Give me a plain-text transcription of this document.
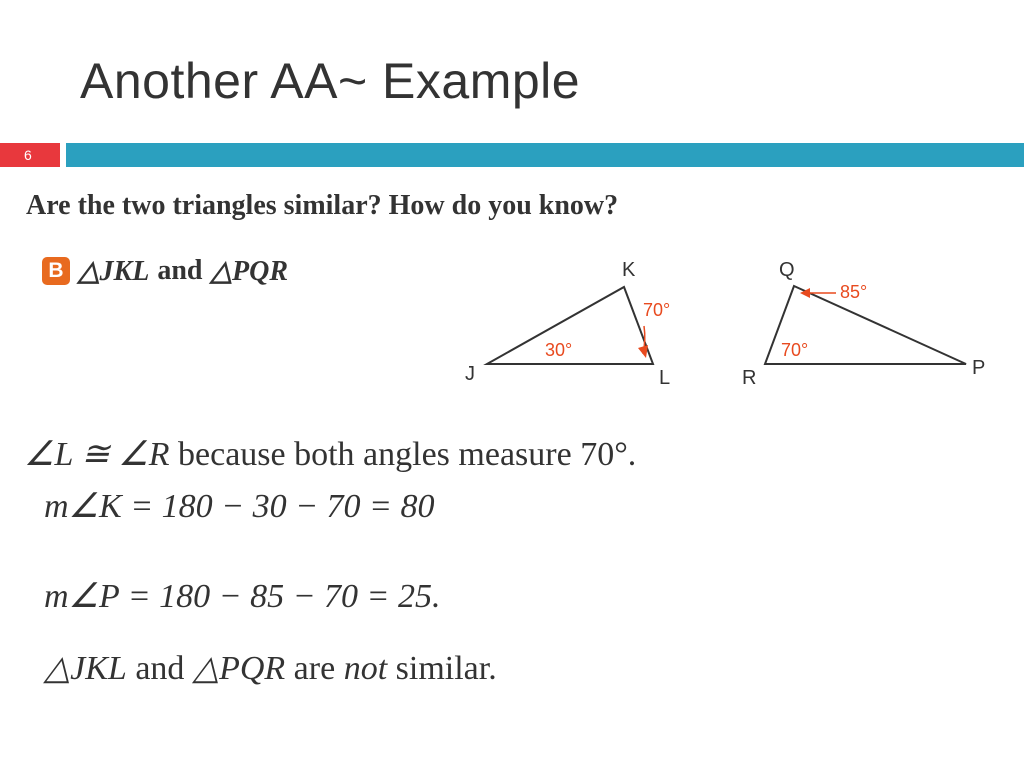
Another AA~ Example
6
Are the two triangles similar? How do you know?
B △JKL and △PQR	K
J	L
70°
30°
Q
R	P
85°
70°
∠L ≅ ∠R because both angles measure 70°.
m∠K = 180 − 30 − 70 = 80
m∠P = 180 − 85 − 70 = 25.
△JKL and △PQR are not similar.
